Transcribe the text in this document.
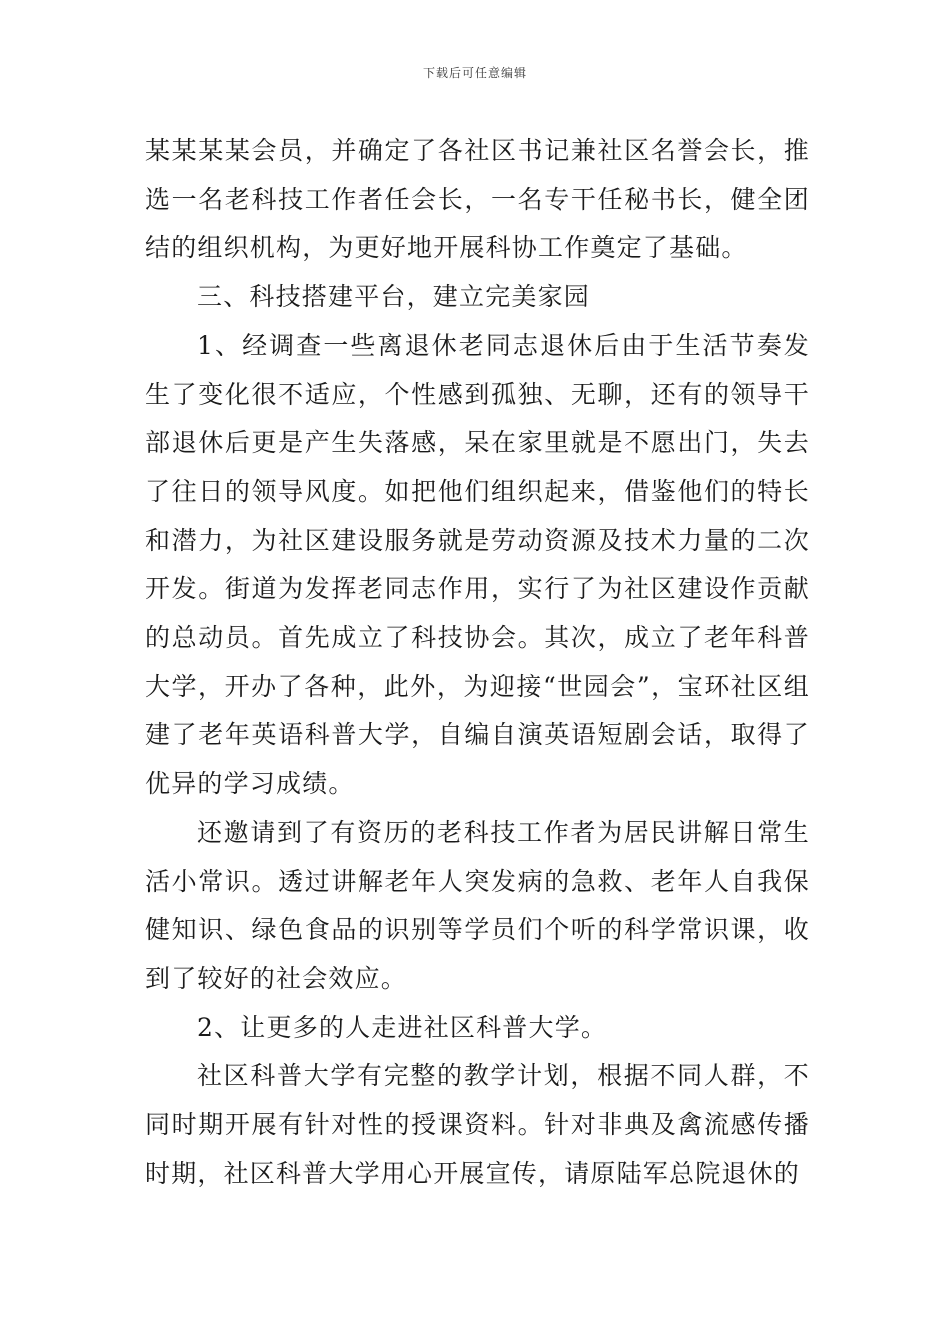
下载后可任意编辑

某某某某会员，并确定了各社区书记兼社区名誉会长，推选一名老科技工作者任会长，一名专干任秘书长，健全团结的组织机构，为更好地开展科协工作奠定了基础。

三、科技搭建平台，建立完美家园

1、经调查一些离退休老同志退休后由于生活节奏发生了变化很不适应，个性感到孤独、无聊，还有的领导干部退休后更是产生失落感，呆在家里就是不愿出门，失去了往日的领导风度。如把他们组织起来，借鉴他们的特长和潜力，为社区建设服务就是劳动资源及技术力量的二次开发。街道为发挥老同志作用，实行了为社区建设作贡献的总动员。首先成立了科技协会。其次，成立了老年科普大学，开办了各种，此外，为迎接“世园会”，宝环社区组建了老年英语科普大学，自编自演英语短剧会话，取得了优异的学习成绩。

还邀请到了有资历的老科技工作者为居民讲解日常生活小常识。透过讲解老年人突发病的急救、老年人自我保健知识、绿色食品的识别等学员们个听的科学常识课，收到了较好的社会效应。

2、让更多的人走进社区科普大学。

社区科普大学有完整的教学计划，根据不同人群，不同时期开展有针对性的授课资料。针对非典及禽流感传播时期，社区科普大学用心开展宣传，请原陆军总院退休的
